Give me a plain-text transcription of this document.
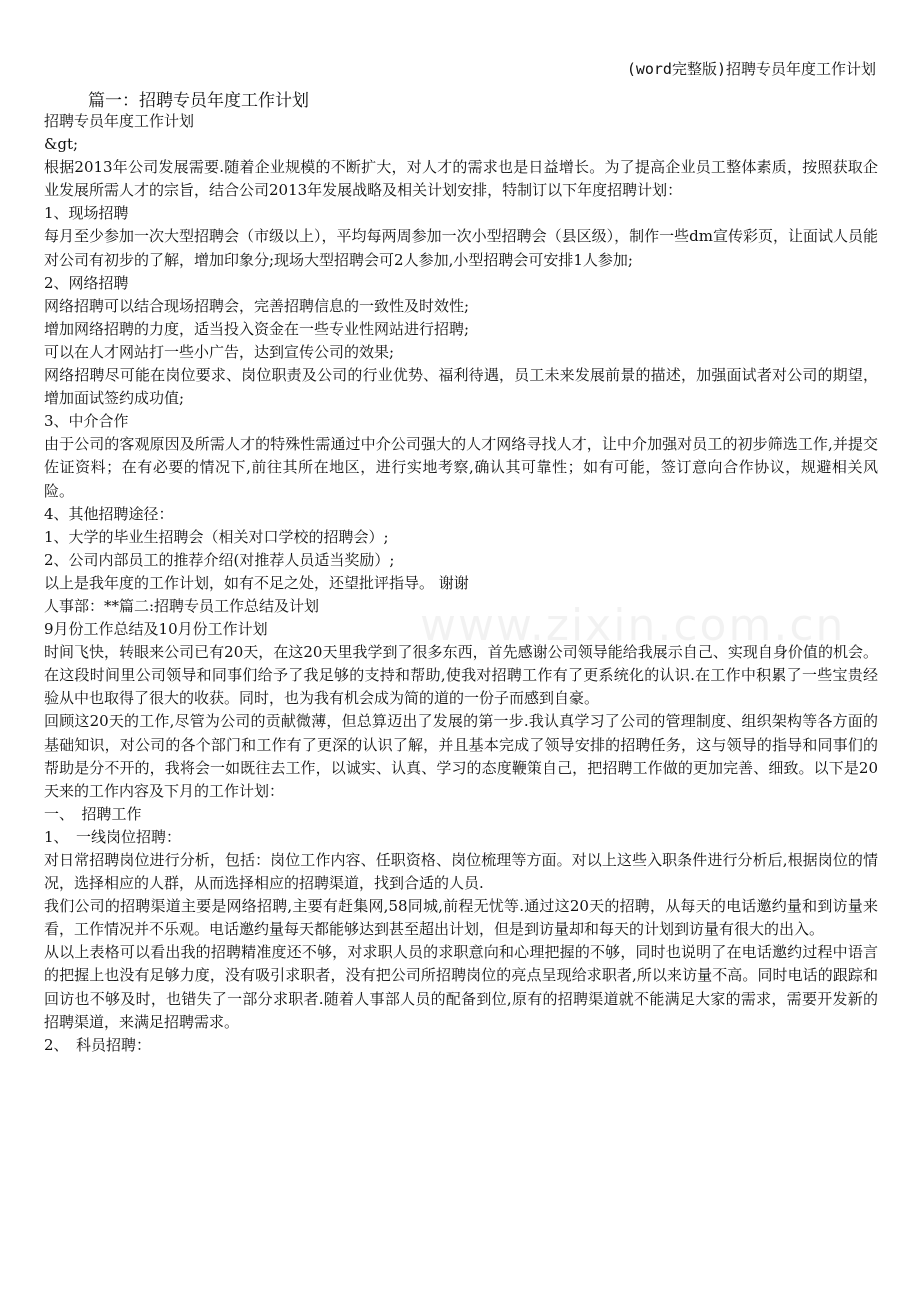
(word完整版)招聘专员年度工作计划
www.zixin.com.cn
篇一：招聘专员年度工作计划

招聘专员年度工作计划

&gt;

根据2013年公司发展需要.随着企业规模的不断扩大，对人才的需求也是日益增长。为了提高企业员工整体素质，按照获取企业发展所需人才的宗旨，结合公司2013年发展战略及相关计划安排，特制订以下年度招聘计划：

1、现场招聘

每月至少参加一次大型招聘会（市级以上），平均每两周参加一次小型招聘会（县区级），制作一些dm宣传彩页，让面试人员能对公司有初步的了解，增加印象分;现场大型招聘会可2人参加,小型招聘会可安排1人参加;

2、网络招聘

网络招聘可以结合现场招聘会，完善招聘信息的一致性及时效性;

增加网络招聘的力度，适当投入资金在一些专业性网站进行招聘;

可以在人才网站打一些小广告，达到宣传公司的效果;

网络招聘尽可能在岗位要求、岗位职责及公司的行业优势、福利待遇，员工未来发展前景的描述，加强面试者对公司的期望，增加面试签约成功值;

3、中介合作

由于公司的客观原因及所需人才的特殊性需通过中介公司强大的人才网络寻找人才，让中介加强对员工的初步筛选工作,并提交佐证资料；在有必要的情况下,前往其所在地区，进行实地考察,确认其可靠性；如有可能，签订意向合作协议，规避相关风险。

4、其他招聘途径：

1、大学的毕业生招聘会（相关对口学校的招聘会）;

2、公司内部员工的推荐介绍(对推荐人员适当奖励）;

以上是我年度的工作计划，如有不足之处，还望批评指导。 谢谢

人事部：**篇二:招聘专员工作总结及计划

9月份工作总结及10月份工作计划

时间飞快，转眼来公司已有20天，在这20天里我学到了很多东西，首先感谢公司领导能给我展示自己、实现自身价值的机会。在这段时间里公司领导和同事们给予了我足够的支持和帮助,使我对招聘工作有了更系统化的认识.在工作中积累了一些宝贵经验从中也取得了很大的收获。同时，也为我有机会成为简的道的一份子而感到自豪。

回顾这20天的工作,尽管为公司的贡献微薄，但总算迈出了发展的第一步.我认真学习了公司的管理制度、组织架构等各方面的基础知识，对公司的各个部门和工作有了更深的认识了解，并且基本完成了领导安排的招聘任务，这与领导的指导和同事们的帮助是分不开的，我将会一如既往去工作，以诚实、认真、学习的态度鞭策自己，把招聘工作做的更加完善、细致。以下是20天来的工作内容及下月的工作计划：

一、　招聘工作

1、　一线岗位招聘：

对日常招聘岗位进行分析，包括：岗位工作内容、任职资格、岗位梳理等方面。对以上这些入职条件进行分析后,根据岗位的情况，选择相应的人群，从而选择相应的招聘渠道，找到合适的人员.

我们公司的招聘渠道主要是网络招聘,主要有赶集网,58同城,前程无忧等.通过这20天的招聘，从每天的电话邀约量和到访量来看，工作情况并不乐观。电话邀约量每天都能够达到甚至超出计划，但是到访量却和每天的计划到访量有很大的出入。

从以上表格可以看出我的招聘精准度还不够，对求职人员的求职意向和心理把握的不够，同时也说明了在电话邀约过程中语言的把握上也没有足够力度，没有吸引求职者，没有把公司所招聘岗位的亮点呈现给求职者,所以来访量不高。同时电话的跟踪和回访也不够及时，也错失了一部分求职者.随着人事部人员的配备到位,原有的招聘渠道就不能满足大家的需求，需要开发新的招聘渠道，来满足招聘需求。

2、　科员招聘：
